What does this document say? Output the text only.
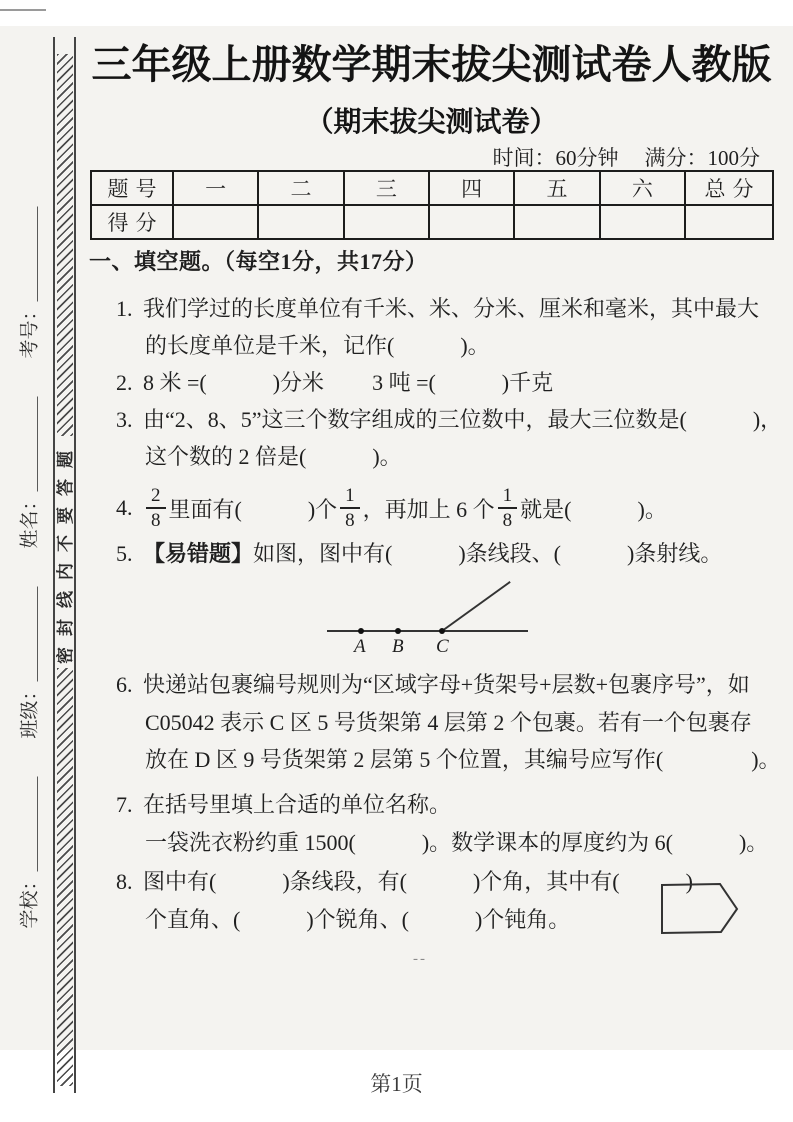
密封线内不要答题
学校：＿＿＿＿＿　　班级：＿＿＿＿＿　　姓名：＿＿＿＿＿　　考号：＿＿＿＿＿
三年级上册数学期末拔尖测试卷人教版
（期末拔尖测试卷）
时间：60分钟 满分：100分
题号	一	二	三	四	五	六	总分
得分							
一、填空题。（每空1分，共17分）
1. 我们学过的长度单位有千米、米、分米、厘米和毫米，其中最大
的长度单位是千米，记作(　　　)。
2. 8 米 =(　　　)分米 3 吨 =(　　　)千克
3. 由“2、8、5”这三个数字组成的三位数中，最大三位数是(　　　)，
这个数的 2 倍是(　　　)。
4. $\frac{2}{8}$ 里面有(　　　)个 $\frac{1}{8}$ ，再加上 6 个 $\frac{1}{8}$ 就是(　　　)。
5. 【易错题】如图，图中有(　　　)条线段、(　　　)条射线。
A B C
6. 快递站包裹编号规则为“区域字母+货架号+层数+包裹序号”，如
C05042 表示 C 区 5 号货架第 4 层第 2 个包裹。若有一个包裹存
放在 D 区 9 号货架第 2 层第 5 个位置，其编号应写作(　　　　)。
7. 在括号里填上合适的单位名称。
一袋洗衣粉约重 1500(　　　)。数学课本的厚度约为 6(　　　)。
8. 图中有(　　　)条线段，有(　　　)个角，其中有(　　　)
个直角、(　　　)个锐角、(　　　)个钝角。
--
第1页
